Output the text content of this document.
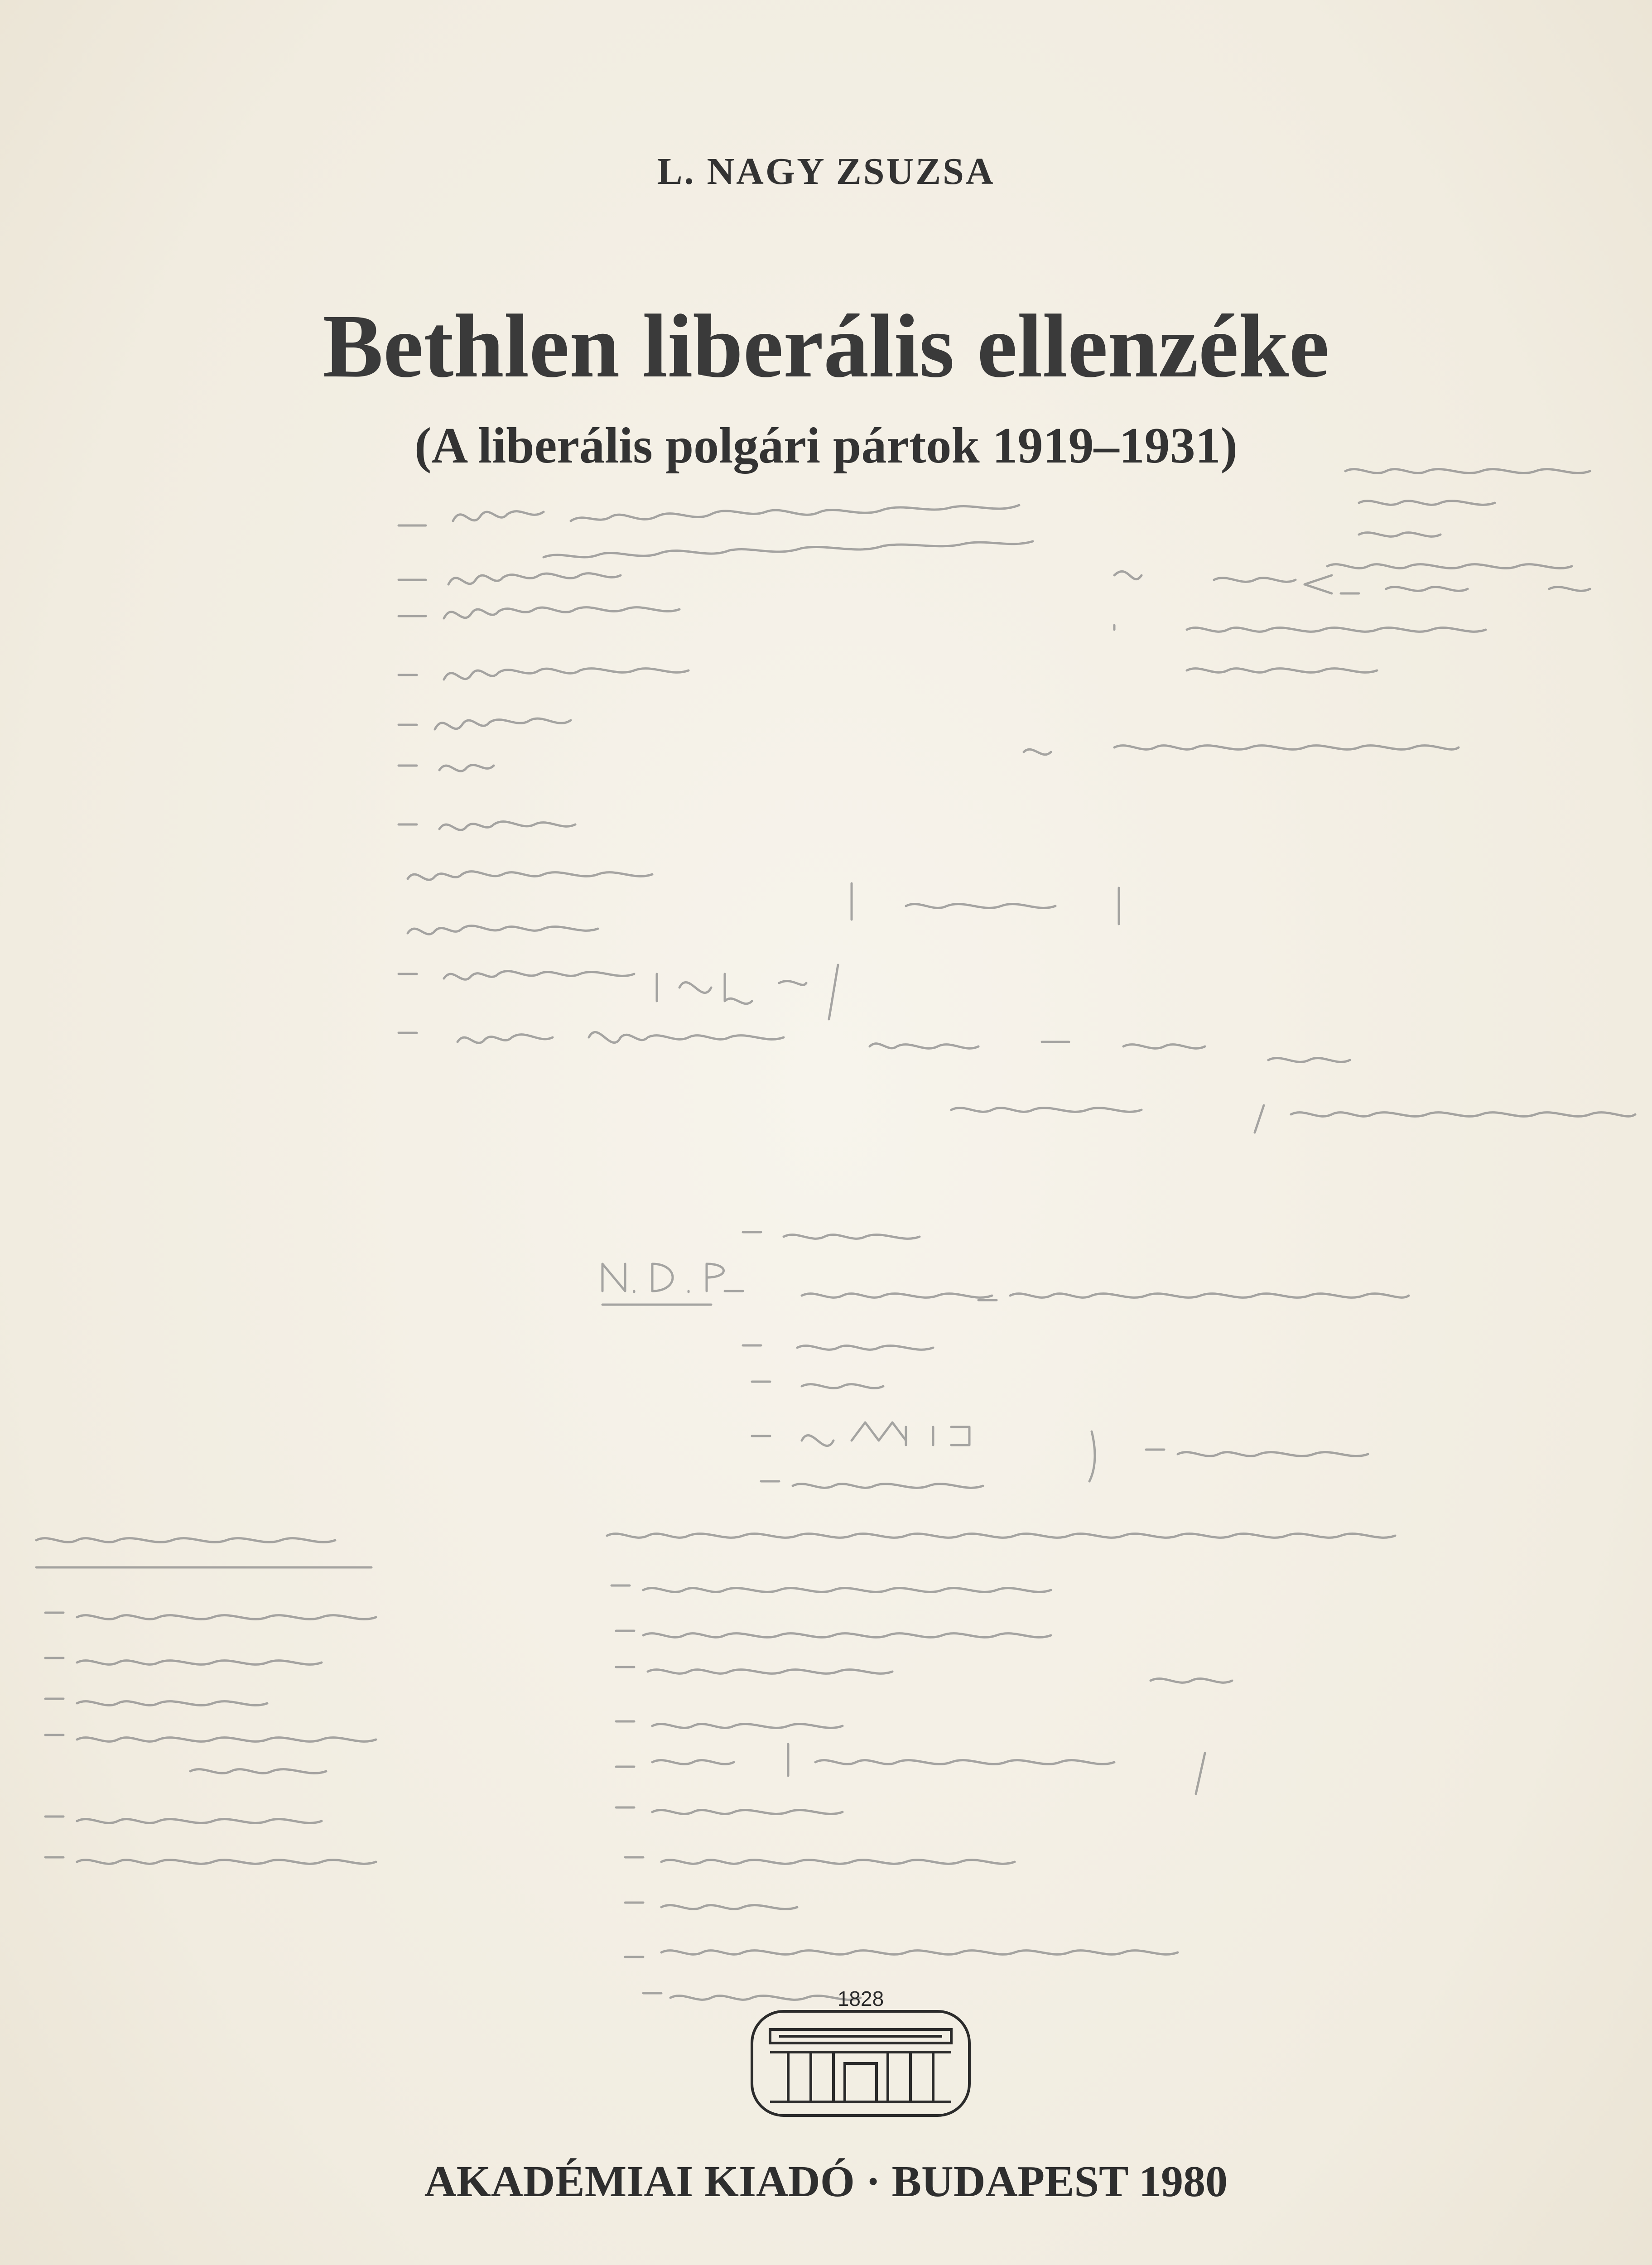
L. NAGY ZSUZSA
Bethlen liberális ellenzéke
(A liberális polgári pártok 1919–1931)
1828
AKADÉMIAI KIADÓ · BUDAPEST 1980
